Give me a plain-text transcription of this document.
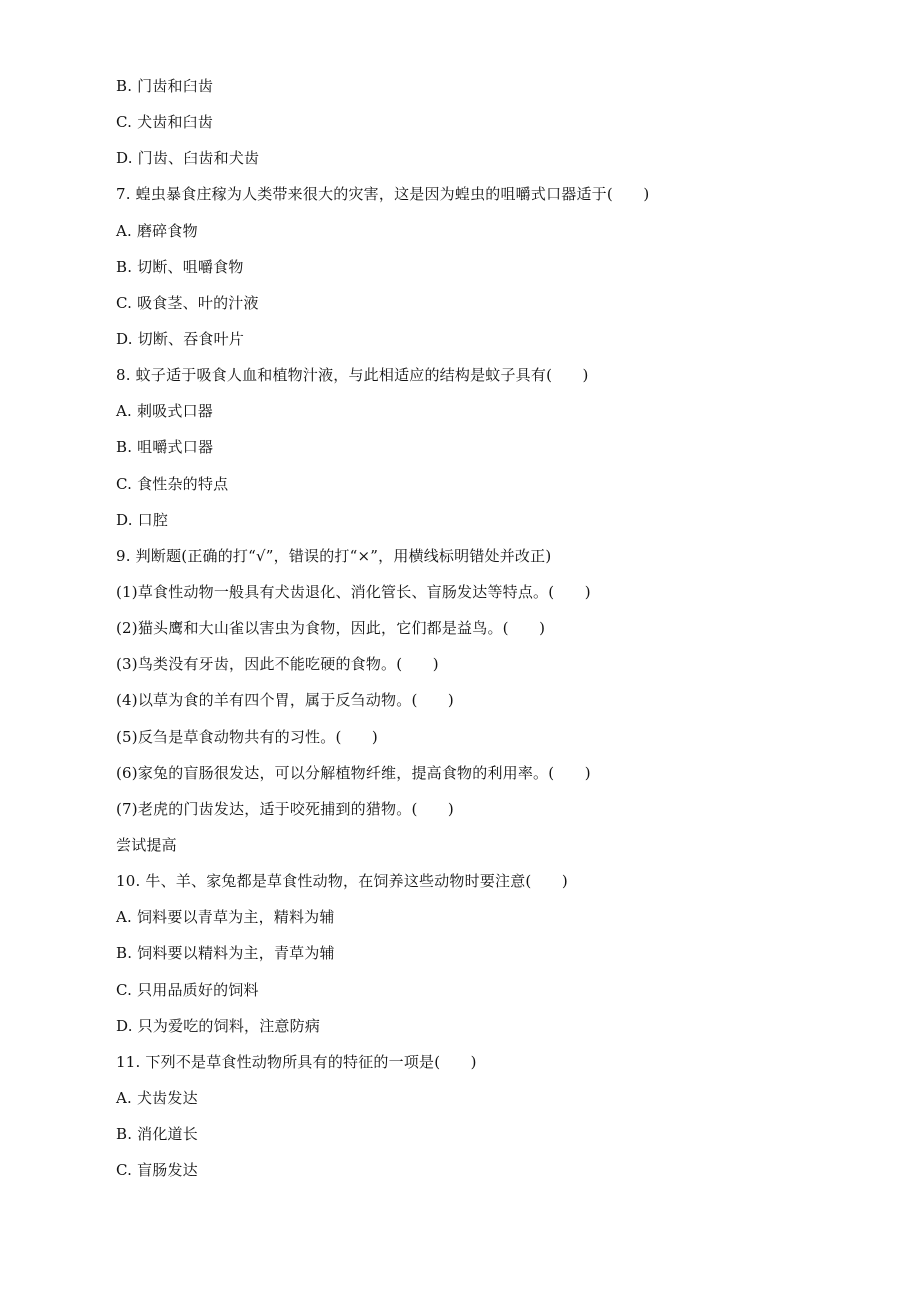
B. 门齿和臼齿
C. 犬齿和臼齿
D. 门齿、臼齿和犬齿
7. 蝗虫暴食庄稼为人类带来很大的灾害，这是因为蝗虫的咀嚼式口器适于(　　)
A. 磨碎食物
B. 切断、咀嚼食物
C. 吸食茎、叶的汁液
D. 切断、吞食叶片
8. 蚊子适于吸食人血和植物汁液，与此相适应的结构是蚊子具有(　　)
A. 刺吸式口器
B. 咀嚼式口器
C. 食性杂的特点
D. 口腔
9. 判断题(正确的打“√”，错误的打“×”，用横线标明错处并改正)
(1)草食性动物一般具有犬齿退化、消化管长、盲肠发达等特点。(　　)
(2)猫头鹰和大山雀以害虫为食物，因此，它们都是益鸟。(　　)
(3)鸟类没有牙齿，因此不能吃硬的食物。(　　)
(4)以草为食的羊有四个胃，属于反刍动物。(　　)
(5)反刍是草食动物共有的习性。(　　)
(6)家兔的盲肠很发达，可以分解植物纤维，提高食物的利用率。(　　)
(7)老虎的门齿发达，适于咬死捕到的猎物。(　　)
尝试提高
10. 牛、羊、家兔都是草食性动物，在饲养这些动物时要注意(　　)
A. 饲料要以青草为主，精料为辅
B. 饲料要以精料为主，青草为辅
C. 只用品质好的饲料
D. 只为爱吃的饲料，注意防病
11. 下列不是草食性动物所具有的特征的一项是(　　)
A. 犬齿发达
B. 消化道长
C. 盲肠发达
